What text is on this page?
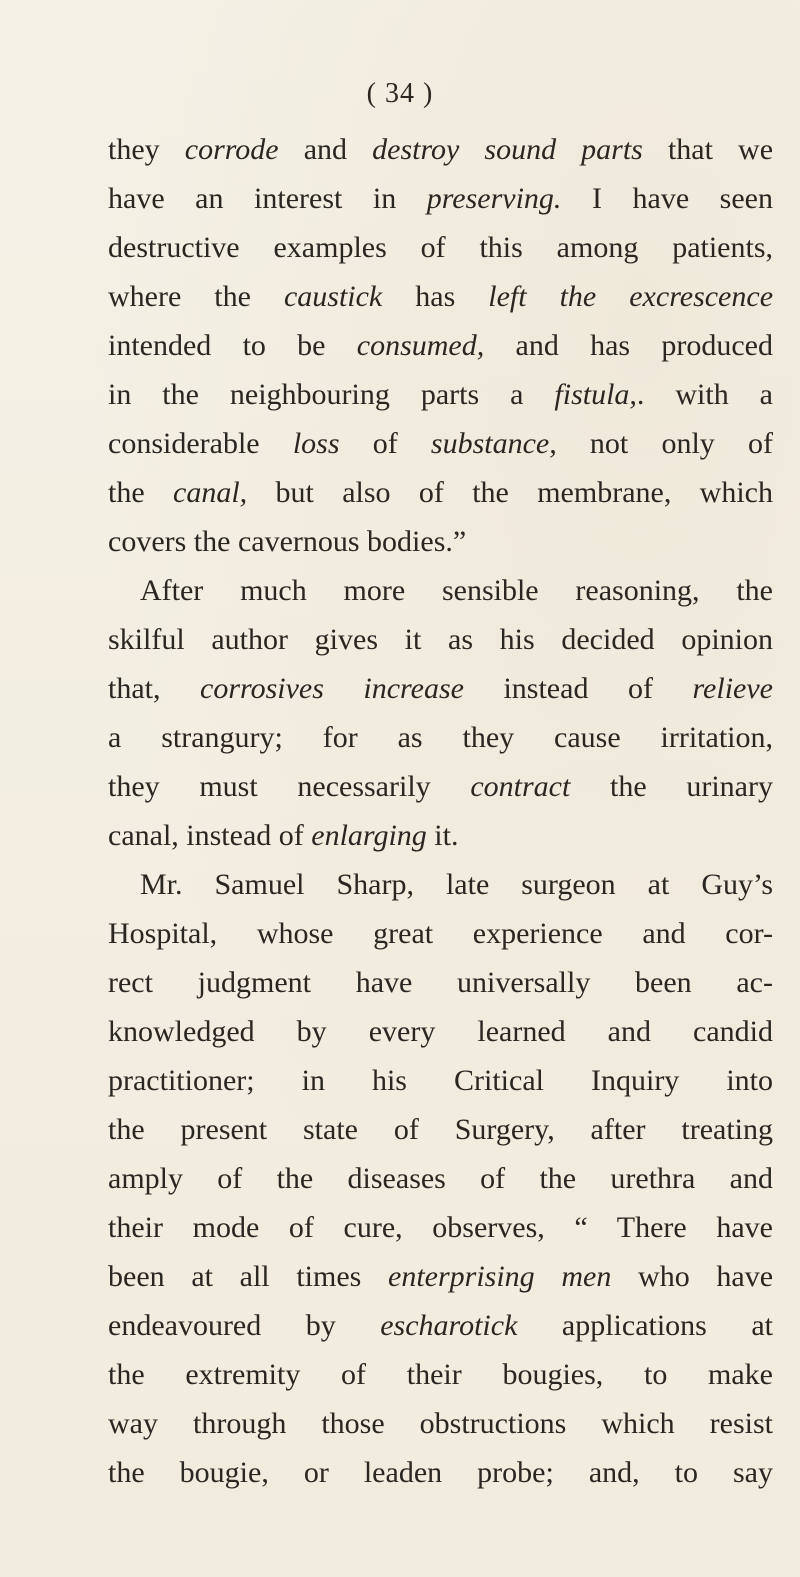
( 34 )
they corrode and destroy sound parts that we
have an interest in preserving. I have seen
destructive examples of this among patients,
where the caustick has left the excrescence
intended to be consumed, and has produced
in the neighbouring parts a fistula,. with a
considerable loss of substance, not only of
the canal, but also of the membrane, which
covers the cavernous bodies.”
After much more sensible reasoning, the
skilful author gives it as his decided opinion
that, corrosives increase instead of relieve
a strangury; for as they cause irritation,
they must necessarily contract the urinary
canal, instead of enlarging it.
Mr. Samuel Sharp, late surgeon at Guy’s
Hospital, whose great experience and cor-
rect judgment have universally been ac-
knowledged by every learned and candid
practitioner; in his Critical Inquiry into
the present state of Surgery, after treating
amply of the diseases of the urethra and
their mode of cure, observes, “ There have
been at all times enterprising men who have
endeavoured by escharotick applications at
the extremity of their bougies, to make
way through those obstructions which resist
the bougie, or leaden probe; and, to say
